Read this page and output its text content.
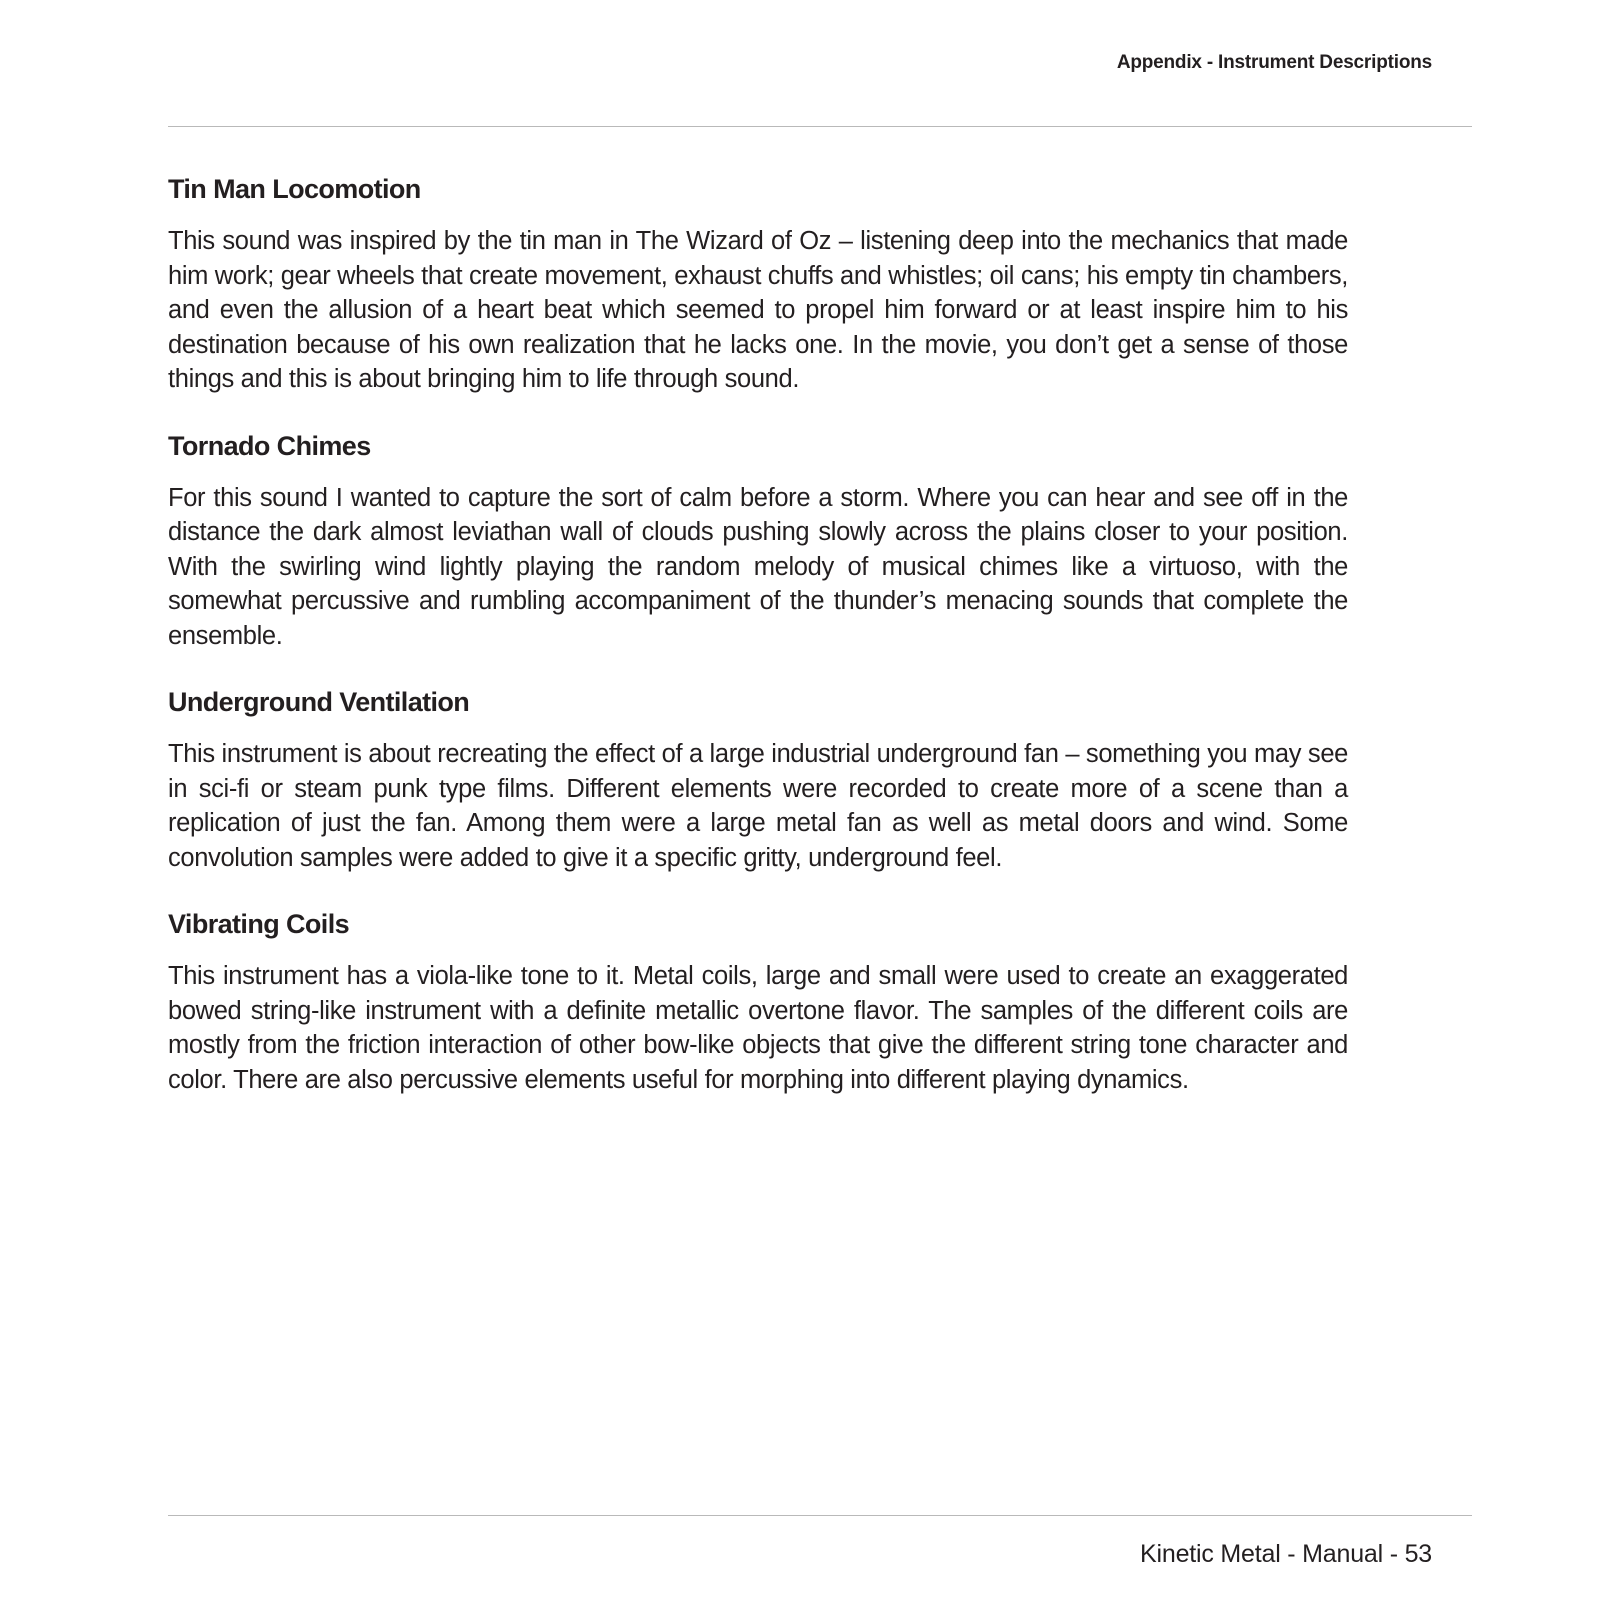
Appendix - Instrument Descriptions
Tin Man Locomotion

This sound was inspired by the tin man in The Wizard of Oz – listening deep into the mechanics that made him work; gear wheels that create movement, exhaust chuffs and whistles; oil cans; his empty tin chambers, and even the allusion of a heart beat which seemed to propel him forward or at least inspire him to his destination because of his own realization that he lacks one. In the movie, you don’t get a sense of those things and this is about bringing him to life through sound.

Tornado Chimes

For this sound I wanted to capture the sort of calm before a storm. Where you can hear and see off in the distance the dark almost leviathan wall of clouds pushing slowly across the plains closer to your position. With the swirling wind lightly playing the random melody of musical chimes like a virtuoso, with the somewhat percussive and rumbling accompaniment of the thunder’s menacing sounds that complete the ensemble.

Underground Ventilation

This instrument is about recreating the effect of a large industrial underground fan – something you may see in sci-fi or steam punk type films. Different elements were recorded to create more of a scene than a replication of just the fan. Among them were a large metal fan as well as metal doors and wind. Some convolution samples were added to give it a specific gritty, underground feel.

Vibrating Coils

This instrument has a viola-like tone to it. Metal coils, large and small were used to create an exaggerated bowed string-like instrument with a definite metallic overtone flavor. The samples of the different coils are mostly from the friction interaction of other bow-like objects that give the different string tone character and color. There are also percussive elements useful for morphing into different playing dynamics.

Kinetic Metal - Manual - 53
